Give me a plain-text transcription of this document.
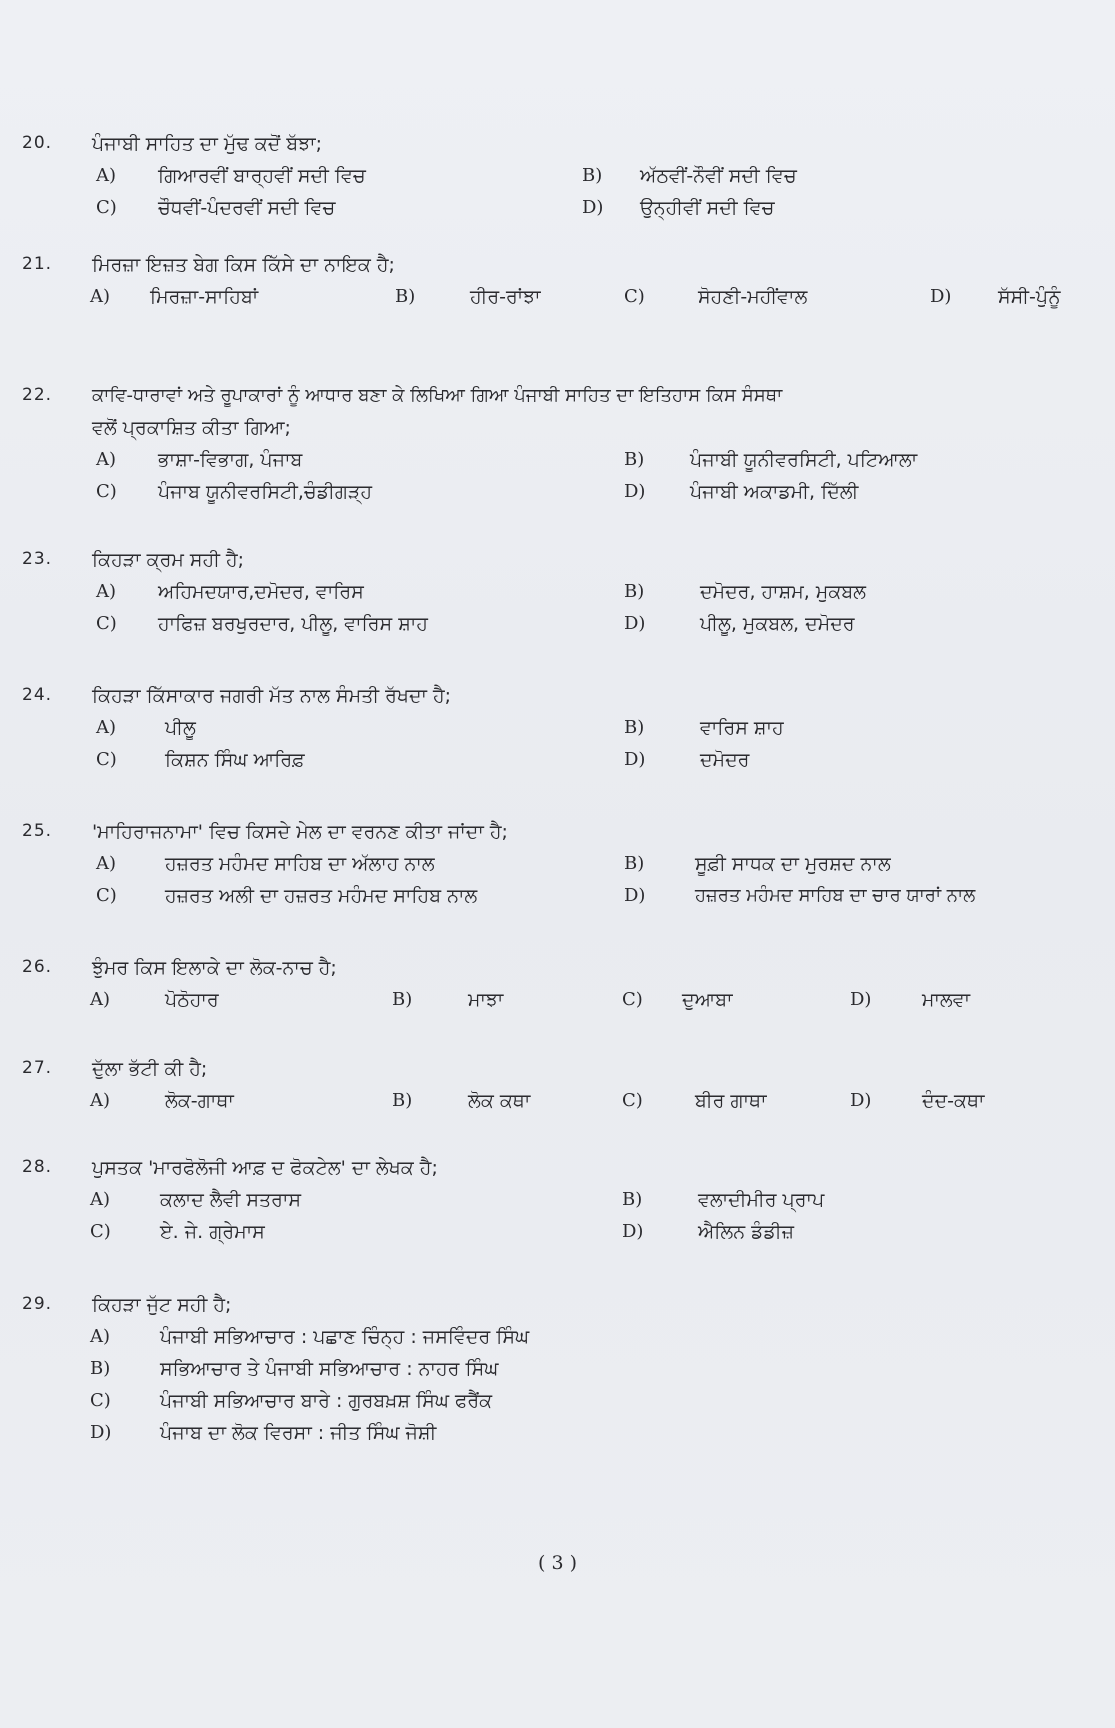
20. ਪੰਜਾਬੀ ਸਾਹਿਤ ਦਾ ਮੁੱਢ ਕਦੋਂ ਬੱਝਾ;
A) ਗਿਆਰਵੀਂ ਬਾਰ੍ਹਵੀਂ ਸਦੀ ਵਿਚ	B) ਅੱਠਵੀਂ-ਨੌਵੀਂ ਸਦੀ ਵਿਚ
C) ਚੌਧਵੀਂ-ਪੰਦਰਵੀਂ ਸਦੀ ਵਿਚ	D) ਉਨ੍ਹੀਵੀਂ ਸਦੀ ਵਿਚ
21. ਮਿਰਜ਼ਾ ਇਜ਼ਤ ਬੇਗ ਕਿਸ ਕਿੱਸੇ ਦਾ ਨਾਇਕ ਹੈ;
A) ਮਿਰਜ਼ਾ-ਸਾਹਿਬਾਂ	B)	ਹੀਰ-ਰਾਂਝਾ	C)	ਸੋਹਣੀ-ਮਹੀਂਵਾਲ	D) ਸੱਸੀ-ਪੁੰਨੂੰ
22. ਕਾਵਿ-ਧਾਰਾਵਾਂ ਅਤੇ ਰੂਪਾਕਾਰਾਂ ਨੂੰ ਆਧਾਰ ਬਣਾ ਕੇ ਲਿਖਿਆ ਗਿਆ ਪੰਜਾਬੀ ਸਾਹਿਤ ਦਾ ਇਤਿਹਾਸ ਕਿਸ ਸੰਸਥਾ
ਵਲੋਂ ਪ੍ਰਕਾਸ਼ਿਤ ਕੀਤਾ ਗਿਆ;
A) ਭਾਸ਼ਾ-ਵਿਭਾਗ, ਪੰਜਾਬ	B) ਪੰਜਾਬੀ ਯੂਨੀਵਰਸਿਟੀ, ਪਟਿਆਲਾ
C) ਪੰਜਾਬ ਯੂਨੀਵਰਸਿਟੀ,ਚੰਡੀਗੜ੍ਹ	D) ਪੰਜਾਬੀ ਅਕਾਡਮੀ, ਦਿੱਲੀ
23. ਕਿਹੜਾ ਕ੍ਰਮ ਸਹੀ ਹੈ;
A) ਅਹਿਮਦਯਾਰ,ਦਮੋਦਰ, ਵਾਰਿਸ	B)	ਦਮੋਦਰ, ਹਾਸ਼ਮ, ਮੁਕਬਲ
C) ਹਾਫਿਜ਼ ਬਰਖੁਰਦਾਰ, ਪੀਲੂ, ਵਾਰਿਸ ਸ਼ਾਹ	D)	ਪੀਲੂ, ਮੁਕਬਲ, ਦਮੋਦਰ
24. ਕਿਹੜਾ ਕਿੱਸਾਕਾਰ ਜਗਰੀ ਮੱਤ ਨਾਲ ਸੰਮਤੀ ਰੱਖਦਾ ਹੈ;
A)	ਪੀਲੂ	B)	ਵਾਰਿਸ ਸ਼ਾਹ
C)	ਕਿਸ਼ਨ ਸਿੰਘ ਆਰਿਫ਼	D)	ਦਮੋਦਰ
25. 'ਮਾਹਿਰਾਜਨਾਮਾ' ਵਿਚ ਕਿਸਦੇ ਮੇਲ ਦਾ ਵਰਨਣ ਕੀਤਾ ਜਾਂਦਾ ਹੈ;
A)	ਹਜ਼ਰਤ ਮਹੰਮਦ ਸਾਹਿਬ ਦਾ ਅੱਲਾਹ ਨਾਲ	B)	ਸੂਫ਼ੀ ਸਾਧਕ ਦਾ ਮੁਰਸ਼ਦ ਨਾਲ
C)	ਹਜ਼ਰਤ ਅਲੀ ਦਾ ਹਜ਼ਰਤ ਮਹੰਮਦ ਸਾਹਿਬ ਨਾਲ	D)	ਹਜ਼ਰਤ ਮਹੰਮਦ ਸਾਹਿਬ ਦਾ ਚਾਰ ਯਾਰਾਂ ਨਾਲ
26. ਝੁੰਮਰ ਕਿਸ ਇਲਾਕੇ ਦਾ ਲੋਕ-ਨਾਚ ਹੈ;
A)	ਪੋਠੋਹਾਰ	B)	ਮਾਝਾ	C) ਦੁਆਬਾ	D)	ਮਾਲਵਾ
27. ਦੁੱਲਾ ਭੱਟੀ ਕੀ ਹੈ;
A)	ਲੋਕ-ਗਾਥਾ	B)	ਲੋਕ ਕਥਾ	C)	ਬੀਰ ਗਾਥਾ	D)	ਦੰਦ-ਕਥਾ
28. ਪੁਸਤਕ 'ਮਾਰਫੋਲੋਜੀ ਆਫ਼ ਦ ਫੋਕਟੇਲ' ਦਾ ਲੇਖਕ ਹੈ;
A)	ਕਲਾਦ ਲੈਵੀ ਸਤਰਾਸ	B)	ਵਲਾਦੀਮੀਰ ਪ੍ਰਾਪ
C)	ਏ. ਜੇ. ਗ੍ਰੇਮਾਸ	D)	ਐਲਿਨ ਡੰਡੀਜ਼
29. ਕਿਹੜਾ ਜੁੱਟ ਸਹੀ ਹੈ;
A)	ਪੰਜਾਬੀ ਸਭਿਆਚਾਰ : ਪਛਾਣ ਚਿੰਨ੍ਹ : ਜਸਵਿੰਦਰ ਸਿੰਘ
B)	ਸਭਿਆਚਾਰ ਤੇ ਪੰਜਾਬੀ ਸਭਿਆਚਾਰ : ਨਾਹਰ ਸਿੰਘ
C)	ਪੰਜਾਬੀ ਸਭਿਆਚਾਰ ਬਾਰੇ : ਗੁਰਬਖ਼ਸ਼ ਸਿੰਘ ਫਰੈਂਕ
D)	ਪੰਜਾਬ ਦਾ ਲੋਕ ਵਿਰਸਾ : ਜੀਤ ਸਿੰਘ ਜੋਸ਼ੀ
( 3 )
